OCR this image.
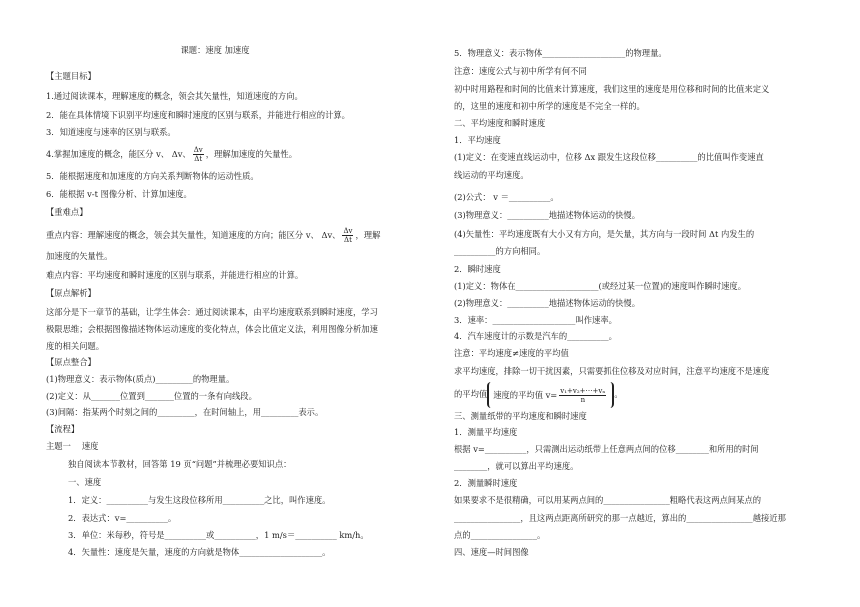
课题：速度 加速度
【主题目标】
1.通过阅读课本，理解速度的概念，领会其矢量性，知道速度的方向。
2．能在具体情境下识别平均速度和瞬时速度的区别与联系，并能进行相应的计算。
3．知道速度与速率的区别与联系。
4.掌握加速度的概念，能区分 v、 Δv、 $\frac{\Delta v}{\Delta t}$ ，理解加速度的矢量性。
5．能根据速度和加速度的方向关系判断物体的运动性质。
6．能根据 v-t 图像分析、计算加速度。
【重难点】
重点内容：理解速度的概念，领会其矢量性，知道速度的方向；能区分 v、 Δv、 $\frac{\Delta v}{\Delta t}$ ，理解
加速度的矢量性。
难点内容：平均速度和瞬时速度的区别与联系，并能进行相应的计算。
【原点解析】
这部分是下一章节的基础，让学生体会：通过阅读课本，由平均速度联系到瞬时速度，学习
极限思维；会根据图像描述物体运动速度的变化特点，体会比值定义法，利用图像分析加速
度的相关问题。
【原点整合】
(1)物理意义：表示物体(质点)_________的物理量。
(2)定义：从_______位置到_______位置的一条有向线段。
(3)间隔：指某两个时刻之间的_________，在时间轴上，用_________表示。
【流程】
主题一　 速度
独自阅读本节教材，回答第 19 页“问题”并梳理必要知识点：
一、速度
1．定义：__________与发生这段位移所用__________之比，叫作速度。
2．表达式：v=__________。
3．单位：米每秒，符号是__________或__________，1 m/s＝__________ km/h。
4．矢量性：速度是矢量，速度的方向就是物体____________________。
5．物理意义：表示物体____________________的物理量。
注意：速度公式与初中所学有何不同
初中时用路程和时间的比值来计算速度，我们这里的速度是用位移和时间的比值来定义
的，这里的速度和初中所学的速度是不完全一样的。
二、平均速度和瞬时速度
1．平均速度
(1)定义：在变速直线运动中，位移 Δx 跟发生这段位移__________的比值叫作变速直
线运动的平均速度。
(2)公式： v ＝__________。
(3)物理意义：__________地描述物体运动的快慢。
(4)矢量性：平均速度既有大小又有方向，是矢量，其方向与一段时间 Δt 内发生的
__________的方向相同。
2．瞬时速度
(1)定义：物体在____________________(或经过某一位置)的速度叫作瞬时速度。
(2)物理意义：__________地描述物体运动的快慢。
3．速率：____________________叫作速率。
4．汽车速度计的示数是汽车的__________。
注意：平均速度≠速度的平均值
求平均速度，排除一切干扰因素，只需要抓住位移及对应时间，注意平均速度不是速度
的平均值 速度的平均值 $v= \frac{\text{v₁+v₂+⋯+vₙ}}{n}$ 。
三、测量纸带的平均速度和瞬时速度
1．测量平均速度
根据 v=__________，只需测出运动纸带上任意两点间的位移________和所用的时间
________，就可以算出平均速度。
2．测量瞬时速度
如果要求不是很精确，可以用某两点间的________________粗略代表这两点间某点的
________________，且这两点距离所研究的那一点越近，算出的________________越接近那
点的________________。
四、速度—时间图像
